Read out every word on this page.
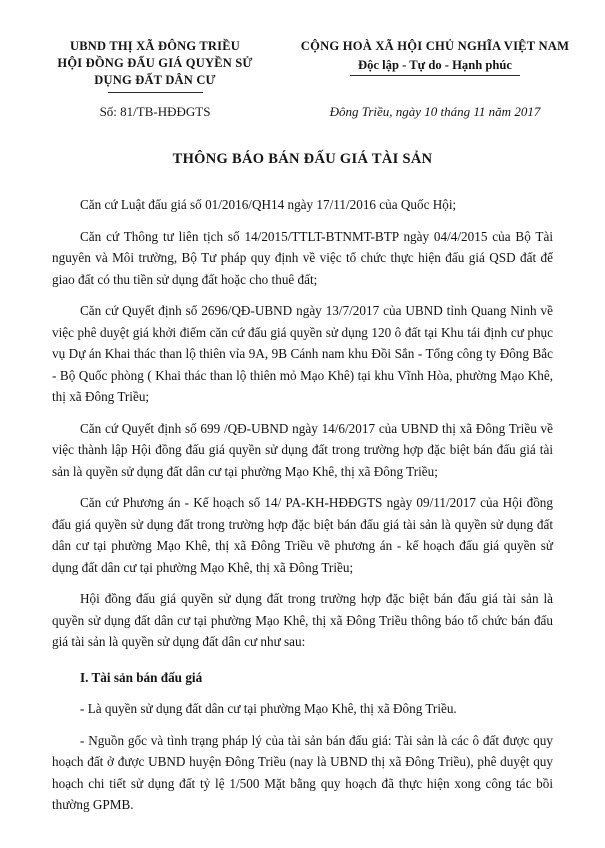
UBND THỊ XÃ ĐÔNG TRIỀU
HỘI ĐỒNG ĐẤU GIÁ QUYỀN SỬ
DỤNG ĐẤT DÂN CƯ
CỘNG HOÀ XÃ HỘI CHỦ NGHĨA VIỆT NAM
Độc lập - Tự do - Hạnh phúc
Số: 81/TB-HĐĐGTS	Đông Triều, ngày 10 tháng 11 năm 2017
THÔNG BÁO BÁN ĐẤU GIÁ TÀI SẢN

Căn cứ Luật đấu giá số 01/2016/QH14 ngày 17/11/2016 của Quốc Hội;

Căn cứ Thông tư liên tịch số 14/2015/TTLT-BTNMT-BTP ngày 04/4/2015 của Bộ Tài nguyên và Môi trường, Bộ Tư pháp quy định về việc tổ chức thực hiện đấu giá QSD đất để giao đất có thu tiền sử dụng đất hoặc cho thuê đất;

Căn cứ Quyết định số 2696/QĐ-UBND ngày 13/7/2017 của UBND tỉnh Quang Ninh về việc phê duyệt giá khởi điểm căn cứ đấu giá quyền sử dụng 120 ô đất tại Khu tái định cư phục vụ Dự án Khai thác than lộ thiên vỉa 9A, 9B Cánh nam khu Đồi Sắn - Tổng công ty Đông Bắc - Bộ Quốc phòng ( Khai thác than lộ thiên mỏ Mạo Khê) tại khu Vĩnh Hòa, phường Mạo Khê, thị xã Đông Triều;

Căn cứ Quyết định số 699 /QĐ-UBND ngày 14/6/2017 của UBND thị xã Đông Triều về việc thành lập Hội đồng đấu giá quyền sử dụng đất trong trường hợp đặc biệt bán đấu giá tài sản là quyền sử dụng đất dân cư tại phường Mạo Khê, thị xã Đông Triều;

Căn cứ Phương án - Kế hoạch số 14/ PA-KH-HĐĐGTS ngày 09/11/2017 của Hội đồng đấu giá quyền sử dụng đất trong trường hợp đặc biệt bán đấu giá tài sản là quyền sử dụng đất dân cư tại phường Mạo Khê, thị xã Đông Triều về phương án - kế hoạch đấu giá quyền sử dụng đất dân cư tại phường Mạo Khê, thị xã Đông Triều;

Hội đồng đấu giá quyền sử dụng đất trong trường hợp đặc biệt bán đấu giá tài sản là quyền sử dụng đất dân cư tại phường Mạo Khê, thị xã Đông Triều thông báo tổ chức bán đấu giá tài sản là quyền sử dụng đất dân cư như sau:

I. Tài sản bán đấu giá

- Là quyền sử dụng đất dân cư tại phường Mạo Khê, thị xã Đông Triều.

- Nguồn gốc và tình trạng pháp lý của tài sản bán đấu giá: Tài sản là các ô đất được quy hoạch đất ở được UBND huyện Đông Triều (nay là UBND thị xã Đông Triều), phê duyệt quy hoạch chi tiết sử dụng đất tỷ lệ 1/500 Mặt bằng quy hoạch đã thực hiện xong công tác bồi thường GPMB.
